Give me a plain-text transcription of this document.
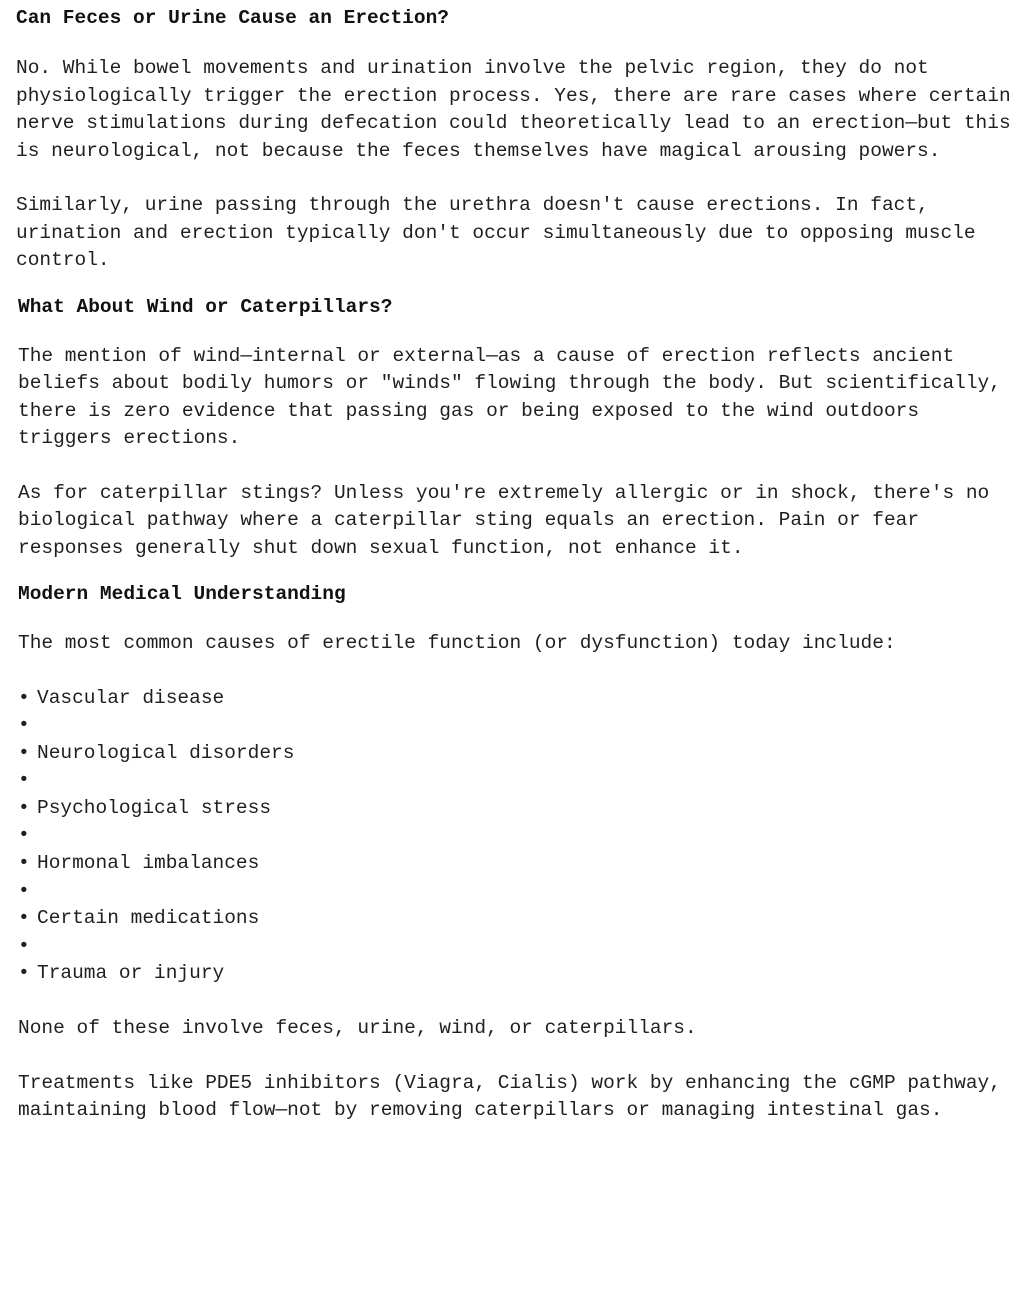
Can Feces or Urine Cause an Erection?

No. While bowel movements and urination involve the pelvic region, they do not physiologically trigger the erection process. Yes, there are rare cases where certain nerve stimulations during defecation could theoretically lead to an erection—but this is neurological, not because the feces themselves have magical arousing powers.

Similarly, urine passing through the urethra doesn't cause erections. In fact, urination and erection typically don't occur simultaneously due to opposing muscle control.

What About Wind or Caterpillars?

The mention of wind—internal or external—as a cause of erection reflects ancient beliefs about bodily humors or "winds" flowing through the body. But scientifically, there is zero evidence that passing gas or being exposed to the wind outdoors triggers erections.

As for caterpillar stings? Unless you're extremely allergic or in shock, there's no biological pathway where a caterpillar sting equals an erection. Pain or fear responses generally shut down sexual function, not enhance it.

Modern Medical Understanding

The most common causes of erectile function (or dysfunction) today include:

• Vascular disease
•
• Neurological disorders
•
• Psychological stress
•
• Hormonal imbalances
•
• Certain medications
•
• Trauma or injury

None of these involve feces, urine, wind, or caterpillars.

Treatments like PDE5 inhibitors (Viagra, Cialis) work by enhancing the cGMP pathway, maintaining blood flow—not by removing caterpillars or managing intestinal gas.
